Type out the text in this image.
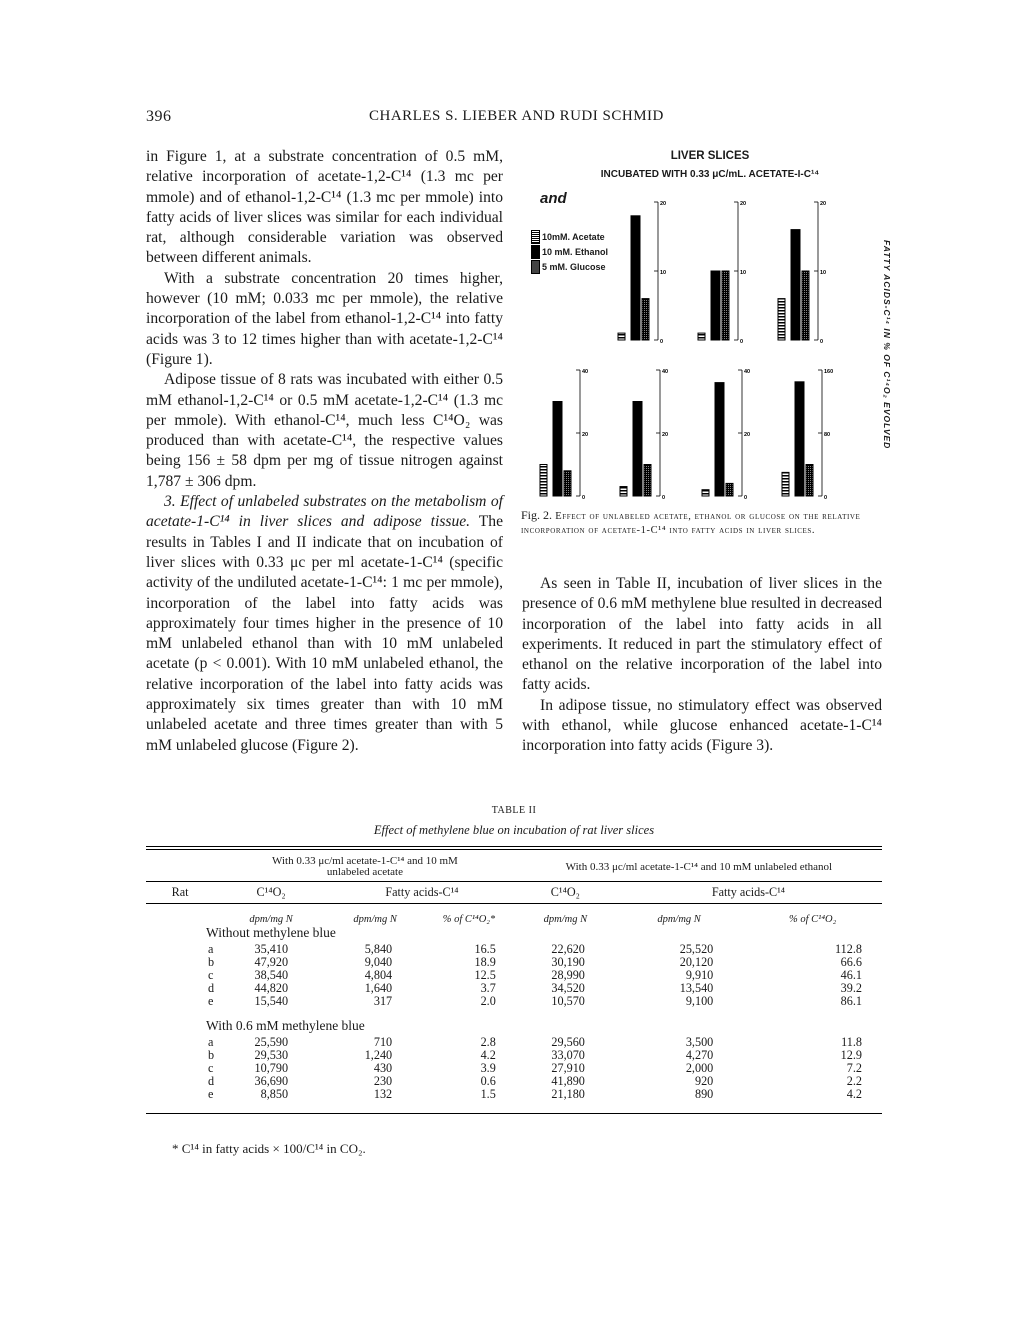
396	CHARLES S. LIEBER AND RUDI SCHMID

in Figure 1, at a substrate concentration of 0.5 mM, relative incorporation of acetate-1,2-C¹⁴ (1.3 mc per mmole) and of ethanol-1,2-C¹⁴ (1.3 mc per mmole) into fatty acids of liver slices was similar for each individual rat, although considerable variation was observed between different animals.

With a substrate concentration 20 times higher, however (10 mM; 0.033 mc per mmole), the relative incorporation of the label from ethanol-1,2-C¹⁴ into fatty acids was 3 to 12 times higher than with acetate-1,2-C¹⁴ (Figure 1).

Adipose tissue of 8 rats was incubated with either 0.5 mM ethanol-1,2-C¹⁴ or 0.5 mM acetate-1,2-C¹⁴ (1.3 mc per mmole). With ethanol-C¹⁴, much less C¹⁴O₂ was produced than with acetate-C¹⁴, the respective values being 156 ± 58 dpm per mg of tissue nitrogen against 1,787 ± 306 dpm.

3. Effect of unlabeled substrates on the metabolism of acetate-1-C¹⁴ in liver slices and adipose tissue. The results in Tables I and II indicate that on incubation of liver slices with 0.33 μc per ml acetate-1-C¹⁴ (specific activity of the undiluted acetate-1-C¹⁴: 1 mc per mmole), incorporation of the label into fatty acids was approximately four times higher in the presence of 10 mM unlabeled ethanol than with 10 mM unlabeled acetate (p < 0.001). With 10 mM unlabeled ethanol, the relative incorporation of the label into fatty acids was approximately six times greater than with 10 mM unlabeled acetate and three times greater than with 5 mM unlabeled glucose (Figure 2).

LIVER SLICES
INCUBATED WITH 0.33 μC/mL. ACETATE-I-C¹⁴
and
10mM. Acetate
10 mM. Ethanol
5 mM. Glucose
20
10
0
20
10
0
20
10
0
40
20
0
40
20
0
40
20
0
160
80
0
FATTY ACIDS-C¹⁴ IN % OF C¹⁴O₂ EVOLVED
Fig. 2. Effect of unlabeled acetate, ethanol or glucose on the relative incorporation of acetate-1-C¹⁴ into fatty acids in liver slices.

As seen in Table II, incubation of liver slices in the presence of 0.6 mM methylene blue resulted in decreased incorporation of the label into fatty acids in all experiments. It reduced in part the stimulatory effect of ethanol on the relative incorporation of the label into fatty acids.

In adipose tissue, no stimulatory effect was observed with ethanol, while glucose enhanced acetate-1-C¹⁴ incorporation into fatty acids (Figure 3).

TABLE II
Effect of methylene blue on incubation of rat liver slices

	With 0.33 μc/ml acetate-1-C¹⁴ and 10 mM unlabeled acetate			With 0.33 μc/ml acetate-1-C¹⁴ and 10 mM unlabeled ethanol		
Rat	C¹⁴O₂	Fatty acids-C¹⁴		C¹⁴O₂	Fatty acids-C¹⁴	
	dpm/mg N	dpm/mg N	% of C¹⁴O₂*	dpm/mg N	dpm/mg N	% of C¹⁴O₂
Without methylene blue						
a	35,410	5,840	16.5	22,620	25,520	112.8
b	47,920	9,040	18.9	30,190	20,120	66.6
c	38,540	4,804	12.5	28,990	9,910	46.1
d	44,820	1,640	3.7	34,520	13,540	39.2
e	15,540	317	2.0	10,570	9,100	86.1
With 0.6 mM methylene blue						
a	25,590	710	2.8	29,560	3,500	11.8
b	29,530	1,240	4.2	33,070	4,270	12.9
c	10,790	430	3.9	27,910	2,000	7.2
d	36,690	230	0.6	41,890	920	2.2
e	8,850	132	1.5	21,180	890	4.2

* C¹⁴ in fatty acids × 100/C¹⁴ in CO₂.
